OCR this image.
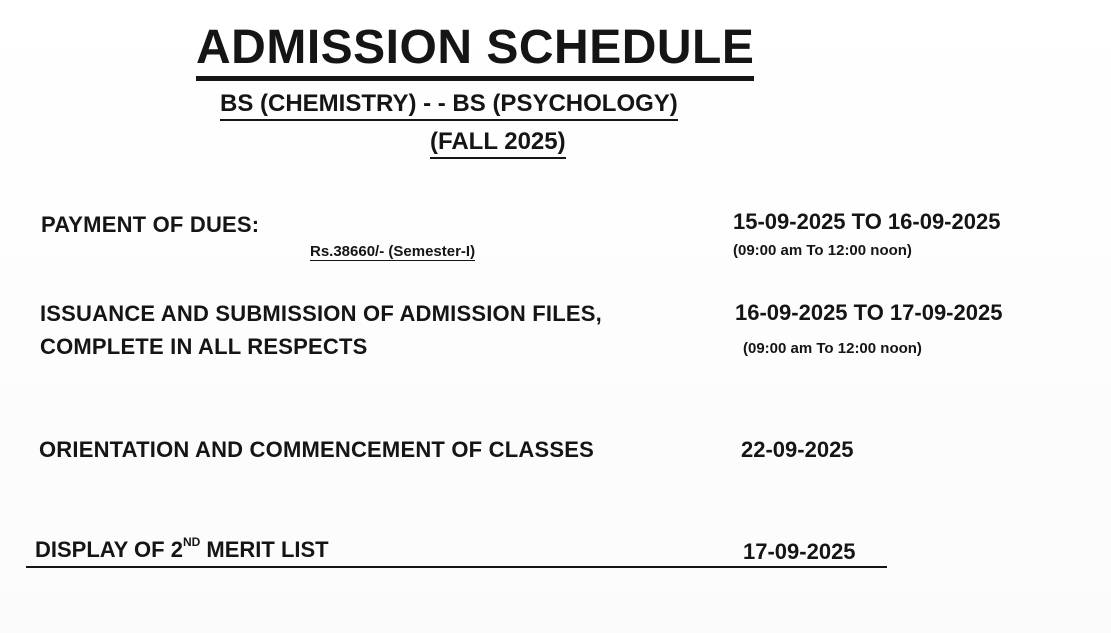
ADMISSION SCHEDULE
BS (CHEMISTRY) - - BS (PSYCHOLOGY)
(FALL 2025)
PAYMENT OF DUES:
Rs.38660/- (Semester-I)
15-09-2025 TO 16-09-2025
(09:00 am To 12:00 noon)
ISSUANCE AND SUBMISSION OF ADMISSION FILES,
COMPLETE IN ALL RESPECTS
16-09-2025 TO 17-09-2025
(09:00 am To 12:00 noon)
ORIENTATION AND COMMENCEMENT OF CLASSES	22-09-2025
DISPLAY OF 2ND MERIT LIST	17-09-2025
